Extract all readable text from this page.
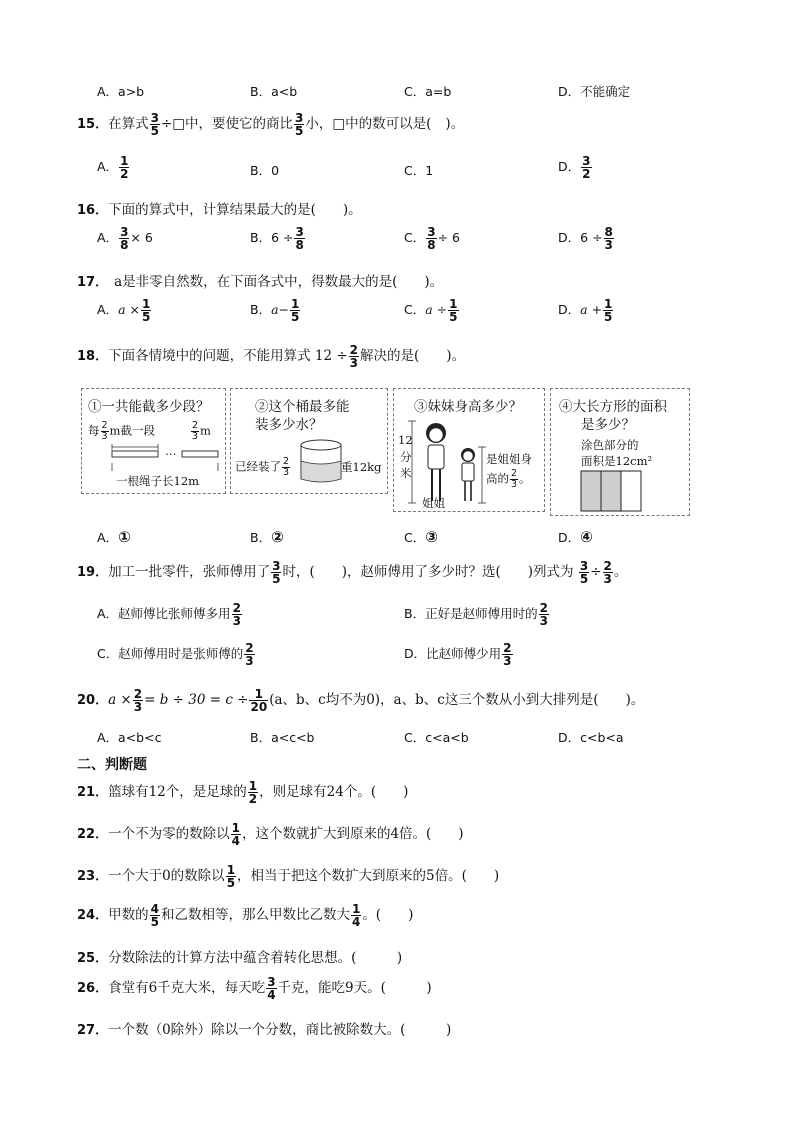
A．a>b	B．a<b	C．a=b	D．不能确定
15．在算式 $\frac{3}{5}$ ÷□中，要使它的商比 $\frac{3}{5}$ 小，□中的数可以是( )。
A． $\frac{1}{2}$	B．0	C．1	D． $\frac{3}{2}$
16．下面的算式中，计算结果最大的是(　　)。
A． $\frac{3}{8} \times 6$	B．$6 \div \frac{3}{8}$	C． $\frac{3}{8} \div 6$	D．$6 \div \frac{8}{3}$
17． a是非零自然数，在下面各式中，得数最大的是(　　)。
A．$a \times \frac{1}{5}$	B．$a- \frac{1}{5}$	C．$a \div \frac{1}{5}$	D．$a + \frac{1}{5}$
18．下面各情境中的问题，不能用算式 $12 \div \frac{2}{3}$ 解决的是(　　)。
①一共能截多少段？
每 $\frac{2}{3}$ m截一段	$\frac{2}{3}$ m
…
一根绳子长12m
②这个桶最多能
装多少水？
已经装了 $\frac{2}{3}$	重12kg
③妹妹身高多少？
12
分
米
是姐姐身
高的 $\frac{2}{3}$ 。
姐姐
④大长方形的面积
是多少？
涂色部分的
面积是12cm²
A．①	B．②	C．③	D．④
19．加工一批零件，张师傅用了 $\frac{3}{5}$ 时，(　　)，赵师傅用了多少时？选(　　)列式为 $\frac{3}{5} \div \frac{2}{3}$ 。
A．赵师傅比张师傅多用 $\frac{2}{3}$	B．正好是赵师傅用时的 $\frac{2}{3}$
C．赵师傅用时是张师傅的 $\frac{2}{3}$	D．比赵师傅少用 $\frac{2}{3}$
20．$a \times \frac{2}{3} = b \div 30 = c \div \frac{1}{20} (a$、b、c均不为0)，a、b、c这三个数从小到大排列是(　　)。
A．a<b<c	B．a<c<b	C．c<a<b	D．c<b<a
二、判断题
21．篮球有12个，是足球的 $\frac{1}{2}$ ，则足球有24个。(　　)
22．一个不为零的数除以 $\frac{1}{4}$ ，这个数就扩大到原来的4倍。(　　)
23．一个大于0的数除以 $\frac{1}{5}$ ，相当于把这个数扩大到原来的5倍。(　　)
24．甲数的 $\frac{4}{5}$ 和乙数相等，那么甲数比乙数大 $\frac{1}{4}$ 。(　　)
25．分数除法的计算方法中蕴含着转化思想。(　　　)
26．食堂有6千克大米，每天吃 $\frac{3}{4}$ 千克，能吃9天。(　　　)
27．一个数（0除外）除以一个分数，商比被除数大。(　　　)
